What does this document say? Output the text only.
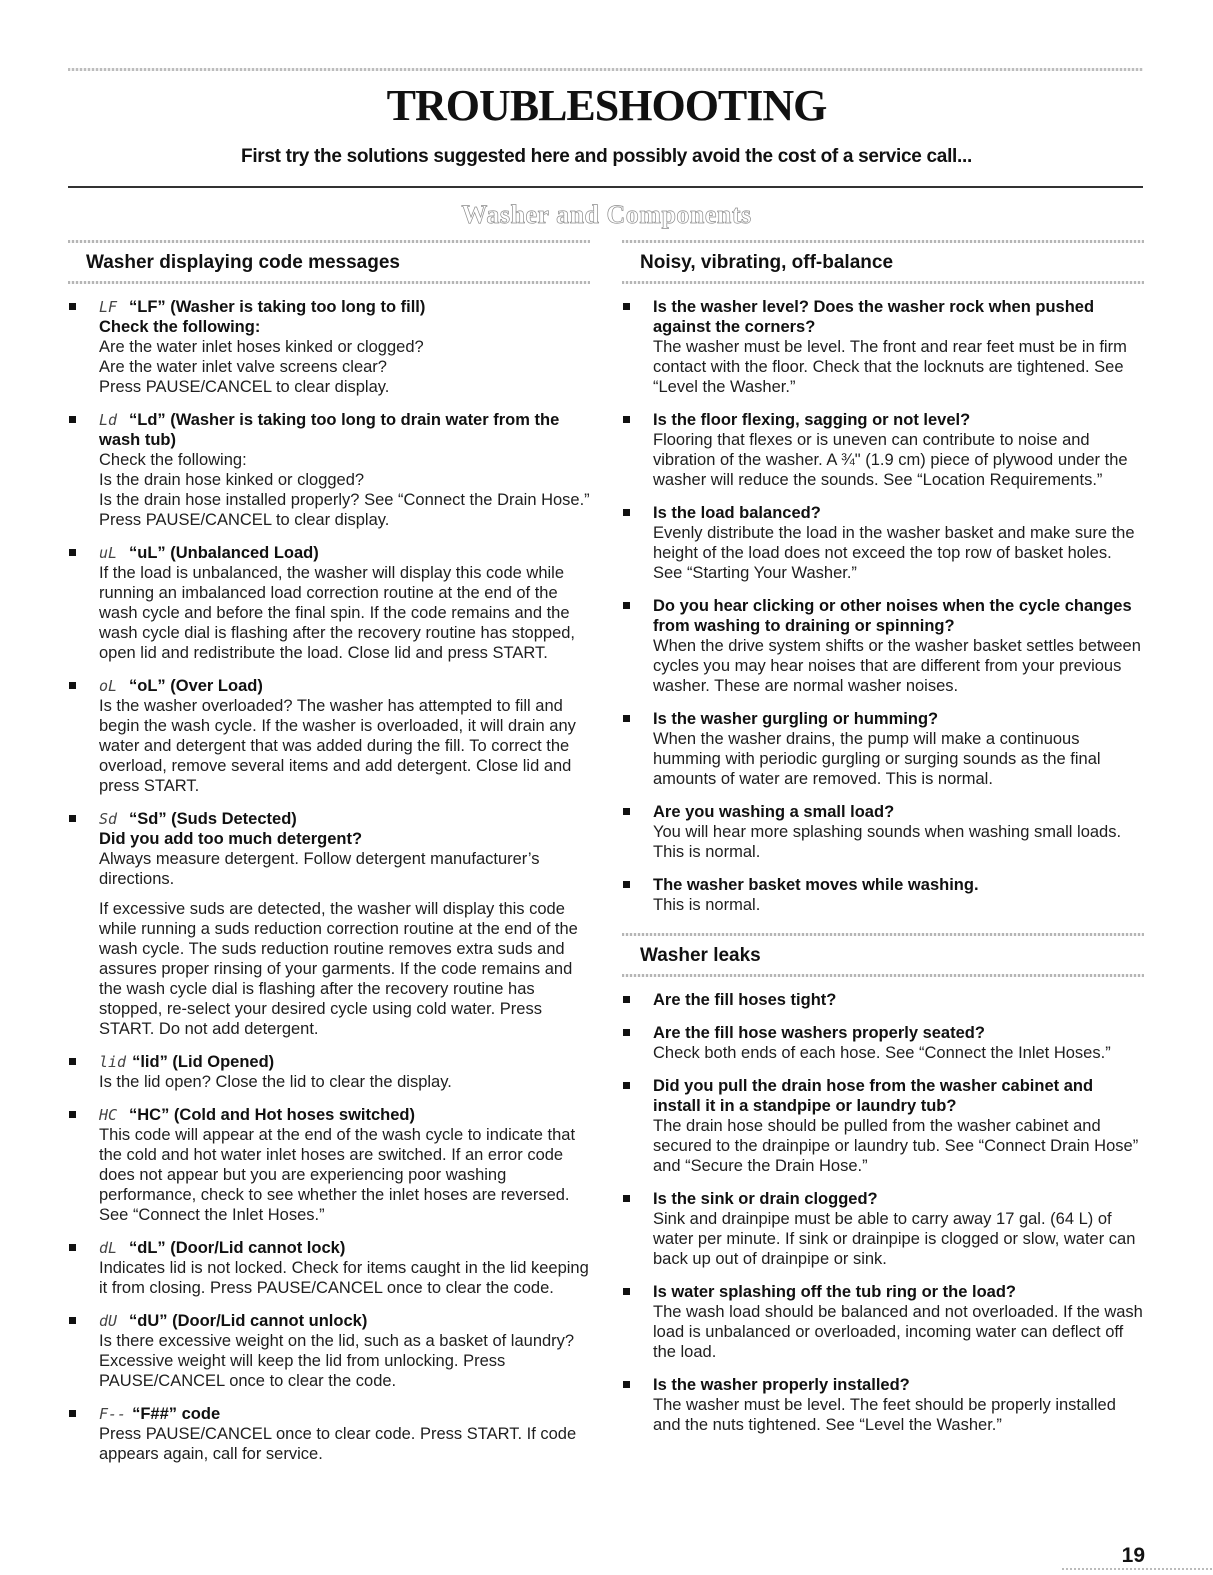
TROUBLESHOOTING

First try the solutions suggested here and possibly avoid the cost of a service call...

Washer and Components
Washer displaying code messages
LF “LF” (Washer is taking too long to fill)
Check the following:
Are the water inlet hoses kinked or clogged?
Are the water inlet valve screens clear?
Press PAUSE/CANCEL to clear display.
Ld “Ld” (Washer is taking too long to drain water from the wash tub)
Check the following:
Is the drain hose kinked or clogged?
Is the drain hose installed properly? See “Connect the Drain Hose.” Press PAUSE/CANCEL to clear display.
uL “uL” (Unbalanced Load)
If the load is unbalanced, the washer will display this code while running an imbalanced load correction routine at the end of the wash cycle and before the final spin. If the code remains and the wash cycle dial is flashing after the recovery routine has stopped, open lid and redistribute the load. Close lid and press START.
oL “oL” (Over Load)
Is the washer overloaded? The washer has attempted to fill and begin the wash cycle. If the washer is overloaded, it will drain any water and detergent that was added during the fill. To correct the overload, remove several items and add detergent. Close lid and press START.
Sd “Sd” (Suds Detected)
Did you add too much detergent?
Always measure detergent. Follow detergent manufacturer’s directions.
If excessive suds are detected, the washer will display this code while running a suds reduction correction routine at the end of the wash cycle. The suds reduction routine removes extra suds and assures proper rinsing of your garments. If the code remains and the wash cycle dial is flashing after the recovery routine has stopped, re-select your desired cycle using cold water. Press START. Do not add detergent.
lid “lid” (Lid Opened)
Is the lid open? Close the lid to clear the display.
HC “HC” (Cold and Hot hoses switched)
This code will appear at the end of the wash cycle to indicate that the cold and hot water inlet hoses are switched. If an error code does not appear but you are experiencing poor washing performance, check to see whether the inlet hoses are reversed. See “Connect the Inlet Hoses.”
dL “dL” (Door/Lid cannot lock)
Indicates lid is not locked. Check for items caught in the lid keeping it from closing. Press PAUSE/CANCEL once to clear the code.
dU “dU” (Door/Lid cannot unlock)
Is there excessive weight on the lid, such as a basket of laundry? Excessive weight will keep the lid from unlocking. Press PAUSE/CANCEL once to clear the code.
F-- “F##” code
Press PAUSE/CANCEL once to clear code. Press START. If code appears again, call for service.
Noisy, vibrating, off-balance
Is the washer level? Does the washer rock when pushed against the corners?
The washer must be level. The front and rear feet must be in firm contact with the floor. Check that the locknuts are tightened. See “Level the Washer.”
Is the floor flexing, sagging or not level?
Flooring that flexes or is uneven can contribute to noise and vibration of the washer. A ¾" (1.9 cm) piece of plywood under the washer will reduce the sounds. See “Location Requirements.”
Is the load balanced?
Evenly distribute the load in the washer basket and make sure the height of the load does not exceed the top row of basket holes. See “Starting Your Washer.”
Do you hear clicking or other noises when the cycle changes from washing to draining or spinning?
When the drive system shifts or the washer basket settles between cycles you may hear noises that are different from your previous washer. These are normal washer noises.
Is the washer gurgling or humming?
When the washer drains, the pump will make a continuous humming with periodic gurgling or surging sounds as the final amounts of water are removed. This is normal.
Are you washing a small load?
You will hear more splashing sounds when washing small loads. This is normal.
The washer basket moves while washing.
This is normal.
Washer leaks
Are the fill hoses tight?
Are the fill hose washers properly seated?
Check both ends of each hose. See “Connect the Inlet Hoses.”
Did you pull the drain hose from the washer cabinet and install it in a standpipe or laundry tub?
The drain hose should be pulled from the washer cabinet and secured to the drainpipe or laundry tub. See “Connect Drain Hose” and “Secure the Drain Hose.”
Is the sink or drain clogged?
Sink and drainpipe must be able to carry away 17 gal. (64 L) of water per minute. If sink or drainpipe is clogged or slow, water can back up out of drainpipe or sink.
Is water splashing off the tub ring or the load?
The wash load should be balanced and not overloaded. If the wash load is unbalanced or overloaded, incoming water can deflect off the load.
Is the washer properly installed?
The washer must be level. The feet should be properly installed and the nuts tightened. See “Level the Washer.”

19
